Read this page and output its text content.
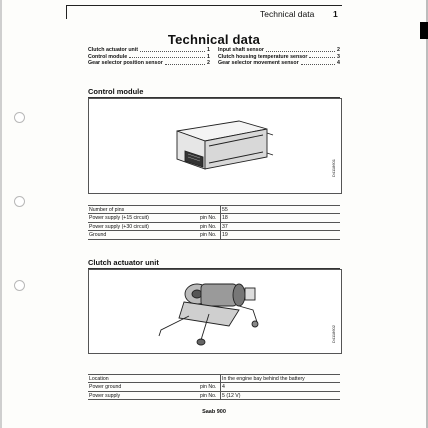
Technical data 1
Technical data
Clutch actuator unit	1
Control module	1
Gear selector position sensor	2
Input shaft sensor	2
Clutch housing temperature sensor	3
Gear selector movement sensor	4
Control module
D4118601
Number of pins	55
Power supply (+15 circuit)	pin No. 18
Power supply (+30 circuit)	pin No. 37
Ground	pin No. 19
Clutch actuator unit
D4118602
Location	In the engine bay behind the battery
Power ground	pin No. 4
Power supply	pin No. 5 (12 V)
Saab 900
